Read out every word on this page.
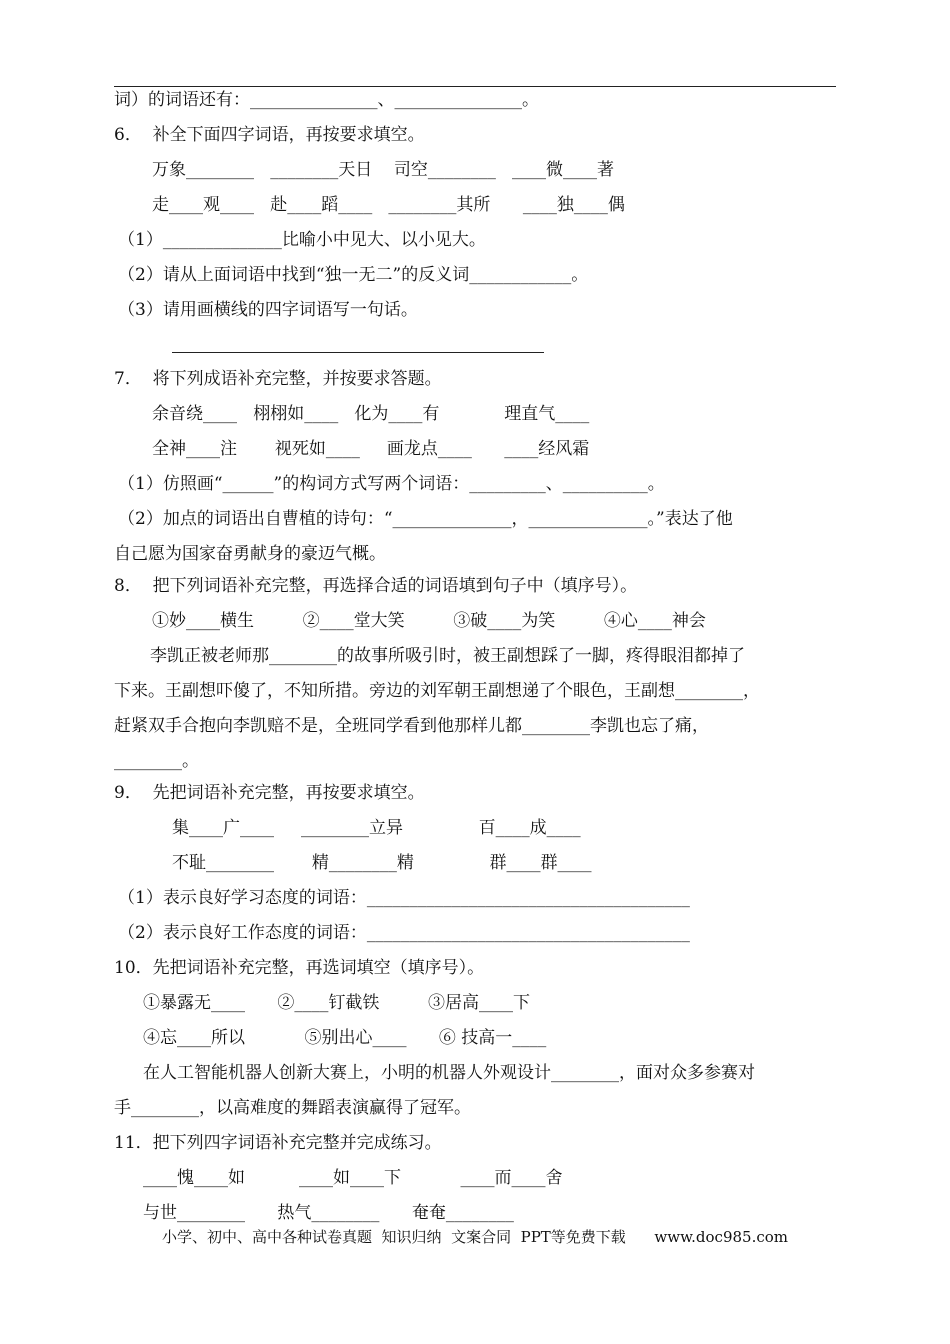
词）的词语还有：_______________、_______________。
6．  补全下面四字词语，再按要求填空。
万象________   ________天日    司空________   ____微____著
走____观____   赴____蹈____   ________其所      ____独____偶
（1）______________比喻小中见大、以小见大。
（2）请从上面词语中找到“独一无二”的反义词____________。
（3）请用画横线的四字词语写一句话。
7．  将下列成语补充完整，并按要求答题。
余音绕____   栩栩如____   化为____有            理直气____
全神____注       视死如____     画龙点____      ____经风霜
（1）仿照画“______”的构词方式写两个词语：_________、__________。
（2）加点的词语出自曹植的诗句：“______________，______________。”表达了他
自己愿为国家奋勇献身的豪迈气概。
8．  把下列词语补充完整，再选择合适的词语填到句子中（填序号）。
①妙____横生         ②____堂大笑         ③破____为笑         ④心____神会
李凯正被老师那________的故事所吸引时，被王副想踩了一脚，疼得眼泪都掉了
下来。王副想吓傻了，不知所措。旁边的刘军朝王副想递了个眼色，王副想________，
赶紧双手合抱向李凯赔不是，全班同学看到他那样儿都________李凯也忘了痛，
________。
9．  先把词语补充完整，再按要求填空。
集____广____     ________立异              百____成____
不耻________       精________精              群____群____
（1）表示良好学习态度的词语：______________________________________
（2）表示良好工作态度的词语：______________________________________
10．先把词语补充完整，再选词填空（填序号）。
①暴露无____      ②____钉截铁         ③居高____下
④忘____所以           ⑤别出心____      ⑥ 技高一____
在人工智能机器人创新大赛上，小明的机器人外观设计________，面对众多参赛对
手________，以高难度的舞蹈表演赢得了冠军。
11．把下列四字词语补充完整并完成练习。
____愧____如          ____如____下           ____而____舍
与世________      热气________      奄奄________
小学、初中、高中各种试卷真题  知识归纳  文案合同  PPT等免费下载      www.doc985.com
